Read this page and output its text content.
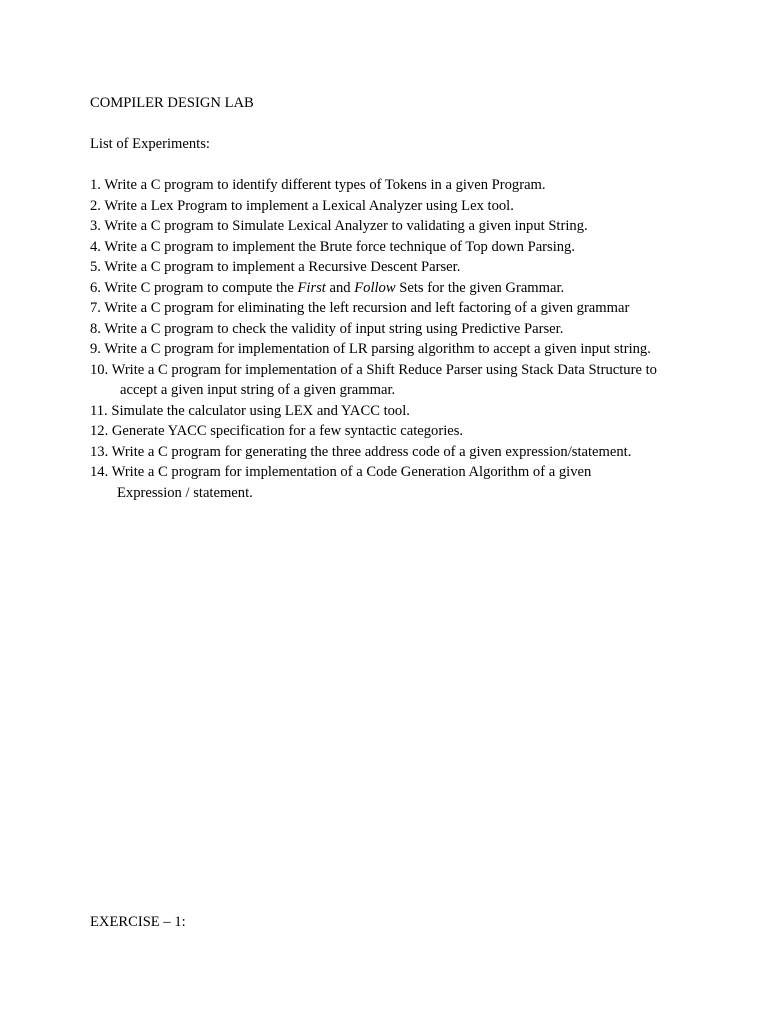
COMPILER DESIGN LAB
List of Experiments:
1. Write a C program to identify different types of Tokens in a given Program.
2. Write a Lex Program to implement a Lexical Analyzer using Lex tool.
3. Write a C program to Simulate Lexical Analyzer to validating a given input String.
4. Write a C program to implement the Brute force technique of Top down Parsing.
5. Write a C program to implement a Recursive Descent Parser.
6. Write C program to compute the First and Follow Sets for the given Grammar.
7. Write a C program for eliminating the left recursion and left factoring of a given grammar
8. Write a C program to check the validity of input string using Predictive Parser.
9. Write a C program for implementation of LR parsing algorithm to accept a given input string.
10. Write a C program for implementation of a Shift Reduce Parser using Stack Data Structure to
accept a given input string of a given grammar.
11. Simulate the calculator using LEX and YACC tool.
12. Generate YACC specification for a few syntactic categories.
13. Write a C program for generating the three address code of a given expression/statement.
14. Write a C program for implementation of a Code Generation Algorithm of a given
Expression / statement.
EXERCISE – 1:
